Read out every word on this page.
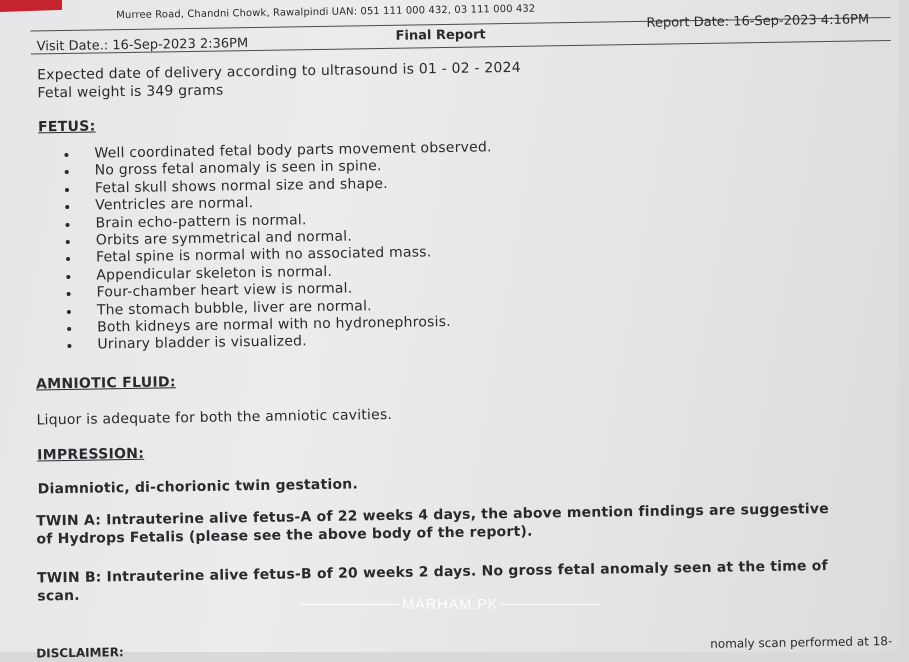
Murree Road, Chandni Chowk, Rawalpindi UAN: 051 111 000 432, 03 111 000 432
Visit Date.: 16-Sep-2023 2:36PM
Final Report
Report Date: 16-Sep-2023 4:16PM
Expected date of delivery according to ultrasound is 01 - 02 - 2024
Fetal weight is 349 grams
FETUS:
Well coordinated fetal body parts movement observed.
No gross fetal anomaly is seen in spine.
Fetal skull shows normal size and shape.
Ventricles are normal.
Brain echo-pattern is normal.
Orbits are symmetrical and normal.
Fetal spine is normal with no associated mass.
Appendicular skeleton is normal.
Four-chamber heart view is normal.
The stomach bubble, liver are normal.
Both kidneys are normal with no hydronephrosis.
Urinary bladder is visualized.
AMNIOTIC FLUID:
Liquor is adequate for both the amniotic cavities.
IMPRESSION:
Diamniotic, di-chorionic twin gestation.
TWIN A: Intrauterine alive fetus-A of 22 weeks 4 days, the above mention findings are suggestive
of Hydrops Fetalis (please see the above body of the report).
TWIN B: Intrauterine alive fetus-B of 20 weeks 2 days. No gross fetal anomaly seen at the time of
scan.
DISCLAIMER:
nomaly scan performed at 18-
MARHAM.PK
